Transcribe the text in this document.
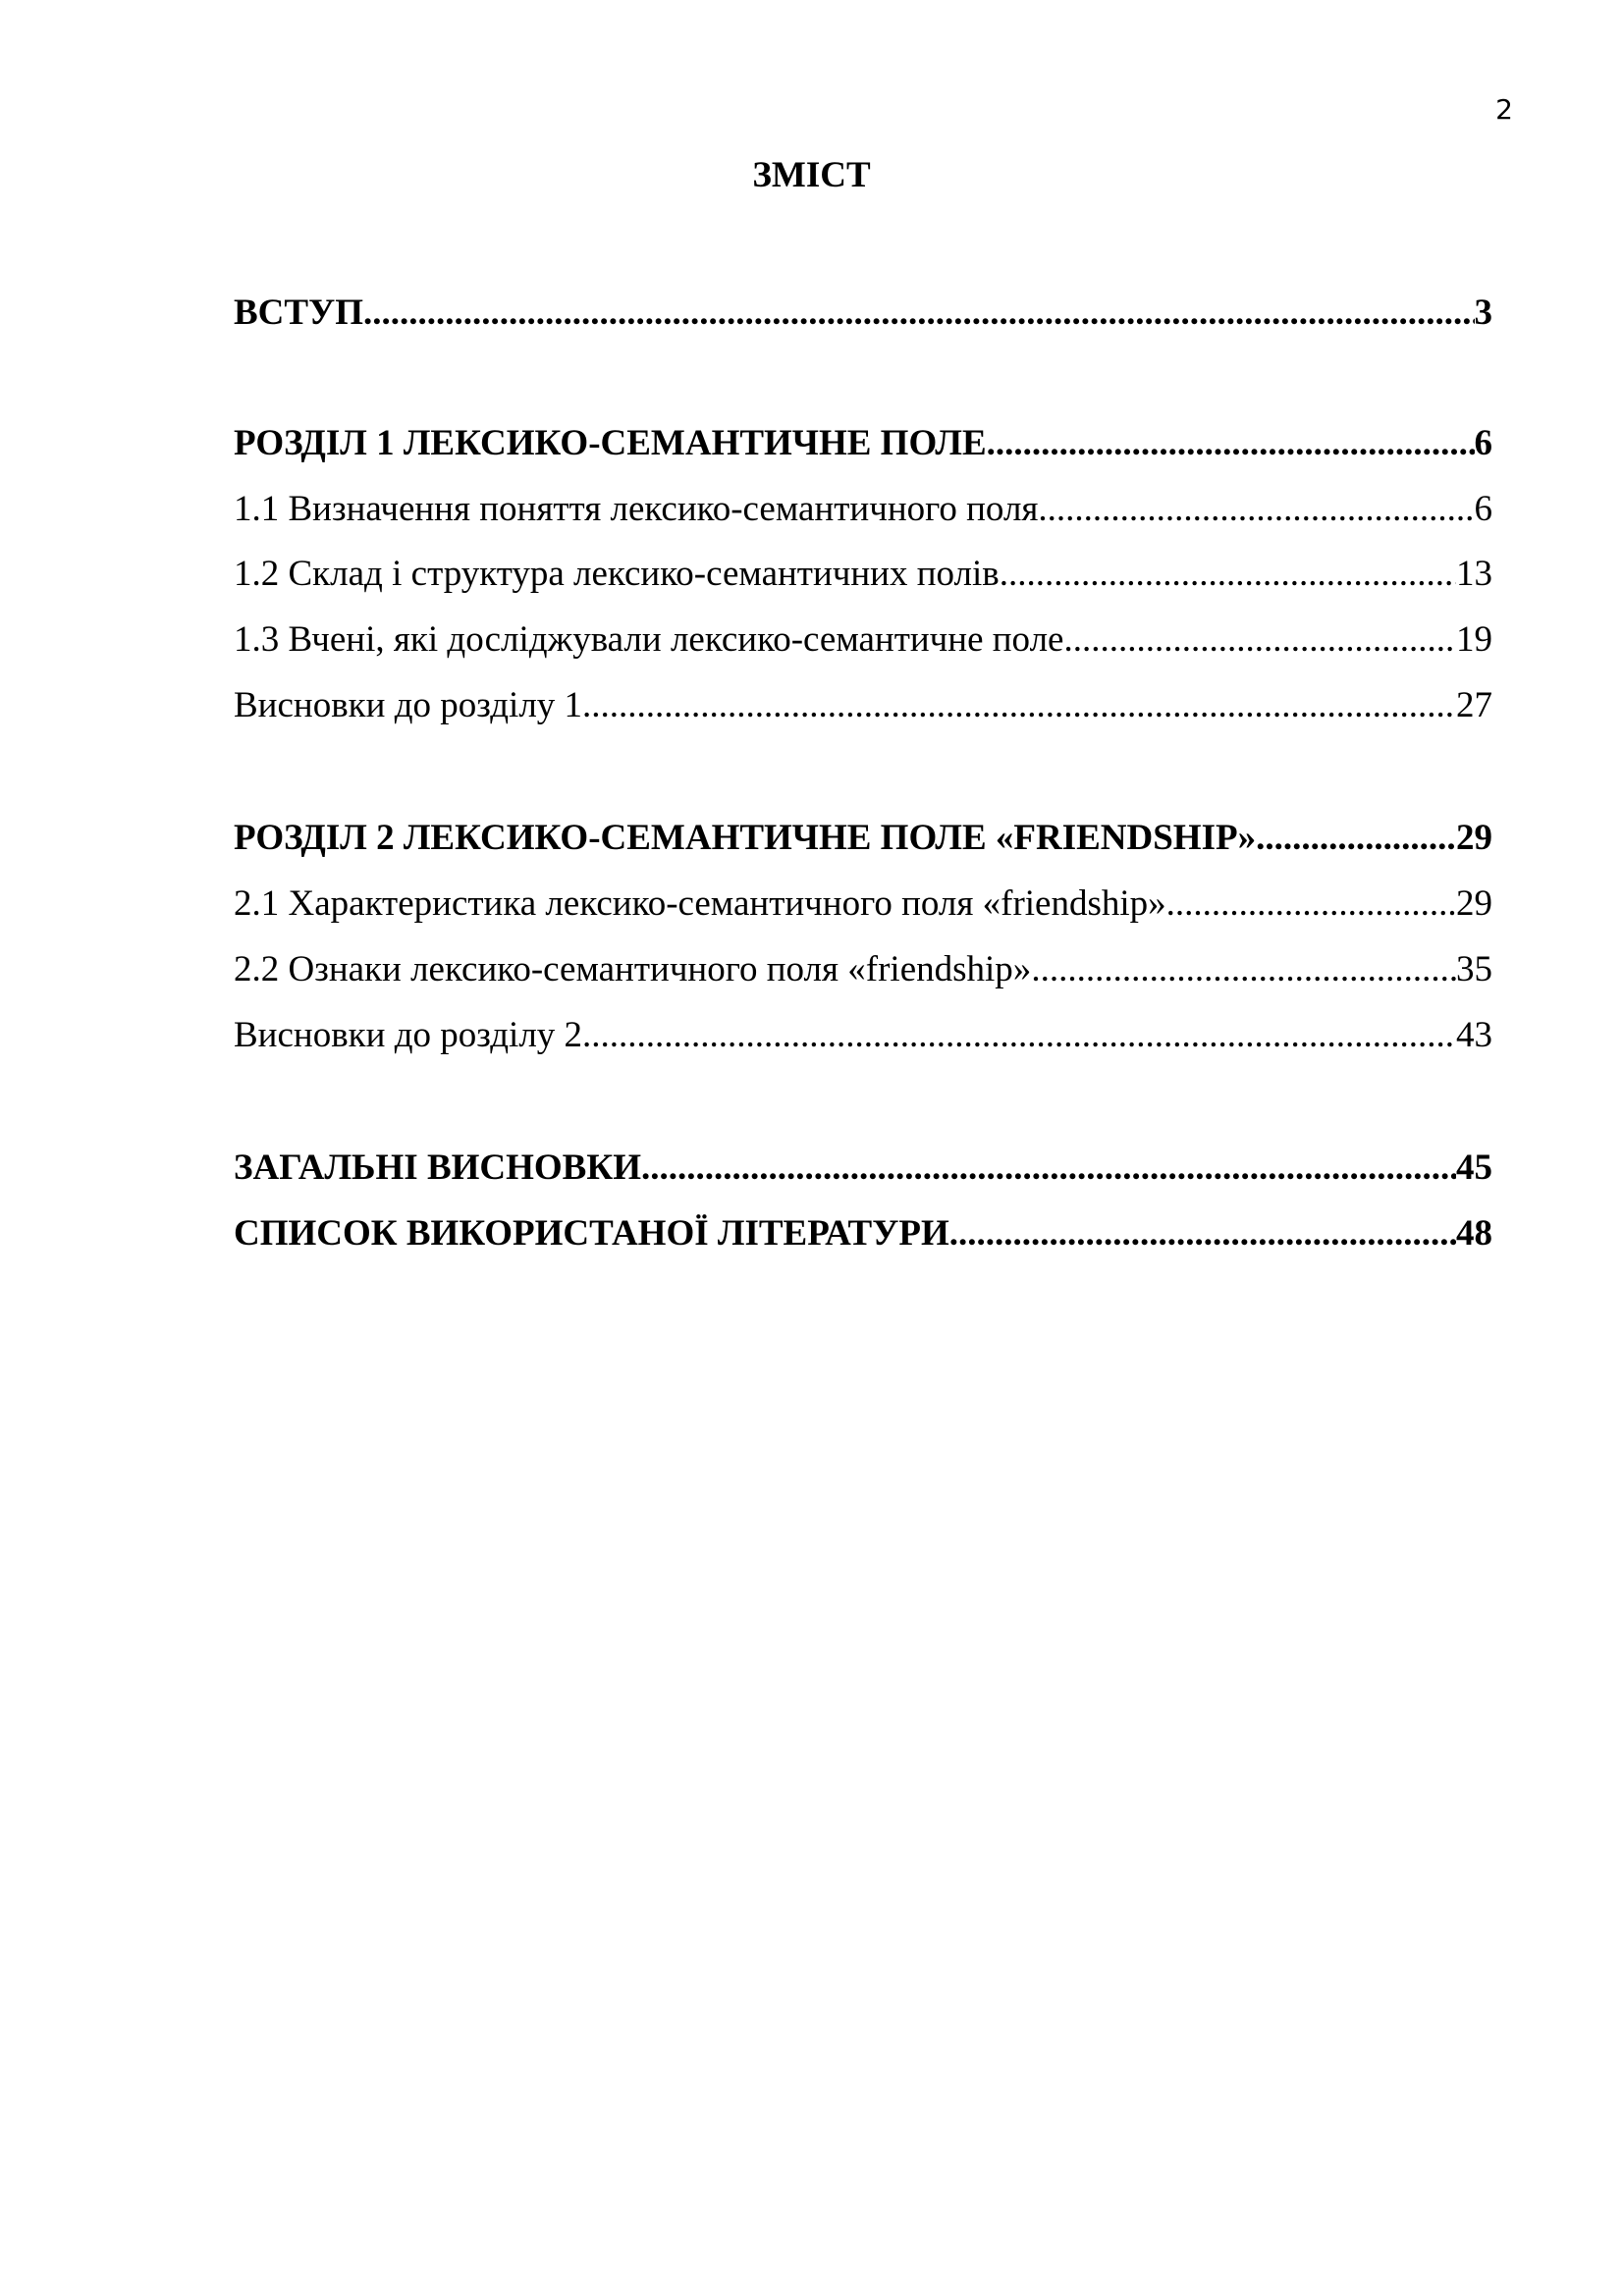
2
ЗМІСТ
ВСТУП .....	3
РОЗДІЛ 1 ЛЕКСИКО-СЕМАНТИЧНЕ ПОЛЕ .....	6
1.1 Визначення поняття лексико-семантичного поля .....	6
1.2 Склад і структура лексико-семантичних полів .....	13
1.3 Вчені, які досліджували лексико-семантичне поле .....	19
Висновки до розділу 1 .....	27
РОЗДІЛ 2 ЛЕКСИКО-СЕМАНТИЧНЕ ПОЛЕ «FRIENDSHIP» .....	29
2.1 Характеристика лексико-семантичного поля «friendship» .....	29
2.2 Ознаки лексико-семантичного поля «friendship» .....	35
Висновки до розділу 2 .....	43
ЗАГАЛЬНІ ВИСНОВКИ .....	45
СПИСОК ВИКОРИСТАНОЇ ЛІТЕРАТУРИ .....	48
